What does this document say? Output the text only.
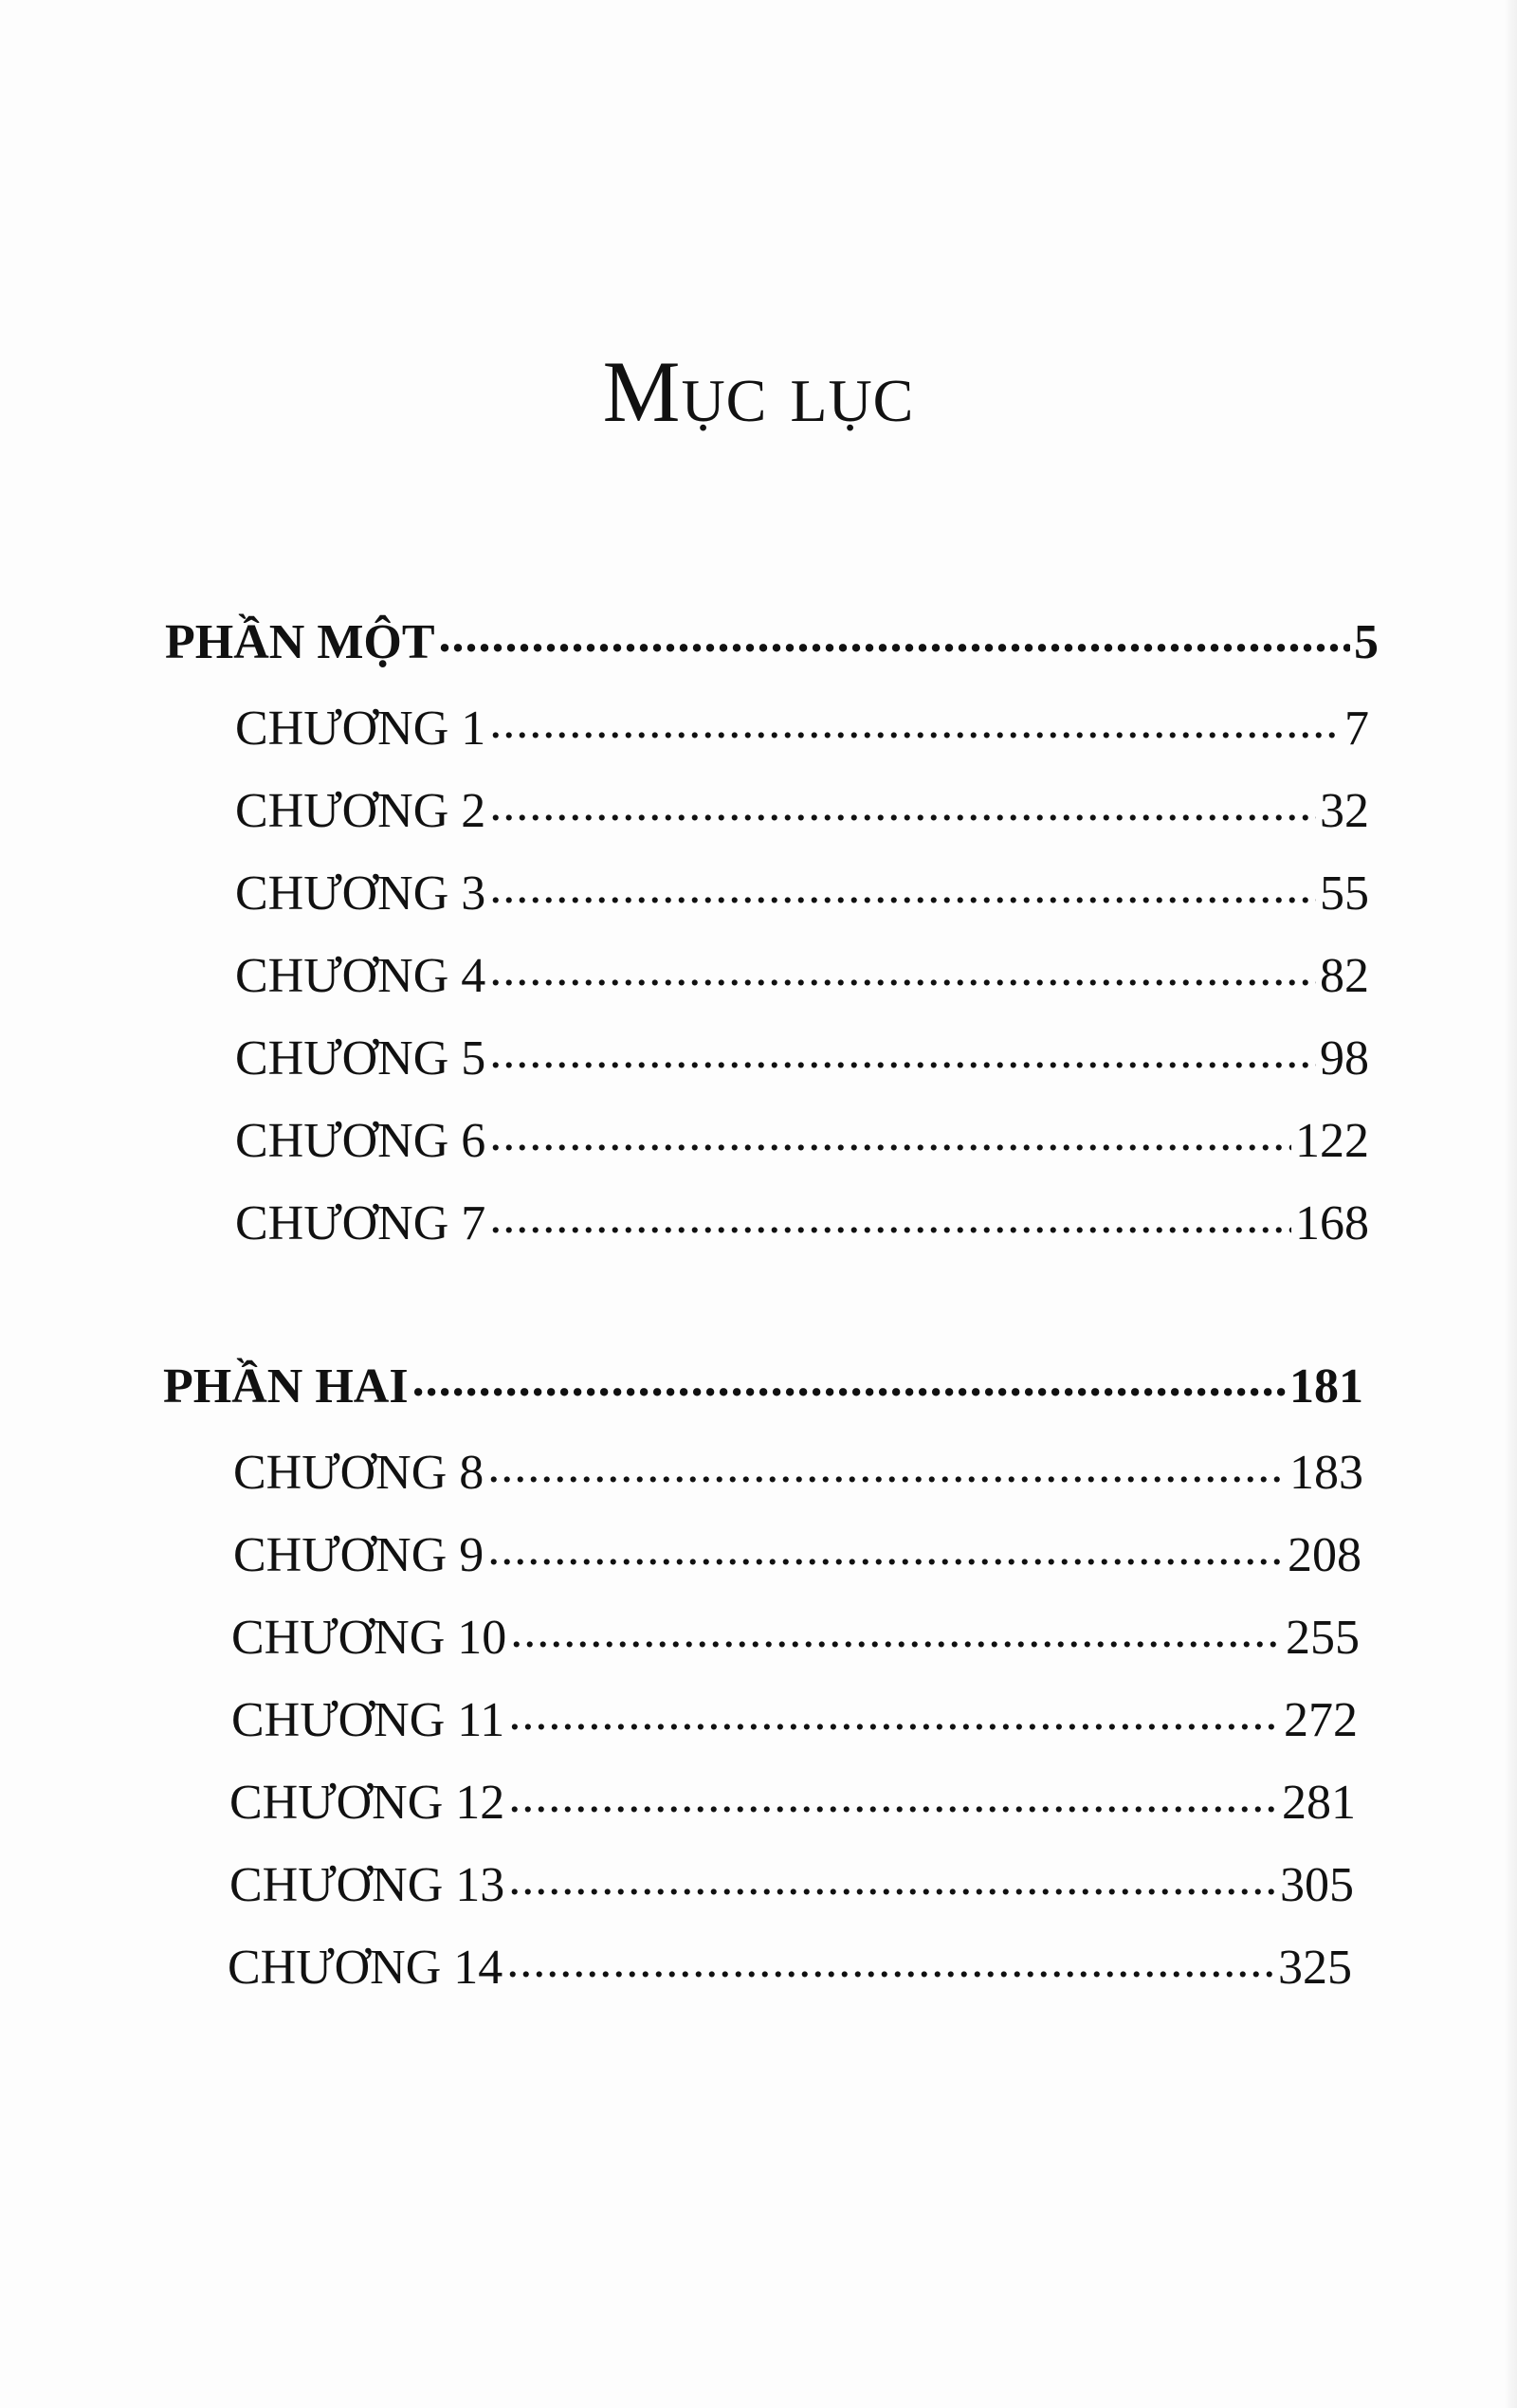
Mục lục
PHẦN MỘT .....	5
CHƯƠNG 1 .....	7
CHƯƠNG 2 .....	32
CHƯƠNG 3 .....	55
CHƯƠNG 4 .....	82
CHƯƠNG 5 .....	98
CHƯƠNG 6 .....	122
CHƯƠNG 7 .....	168
PHẦN HAI .....	181
CHƯƠNG 8 .....	183
CHƯƠNG 9 .....	208
CHƯƠNG 10 .....	255
CHƯƠNG 11 .....	272
CHƯƠNG 12 .....	281
CHƯƠNG 13 .....	305
CHƯƠNG 14 .....	325
